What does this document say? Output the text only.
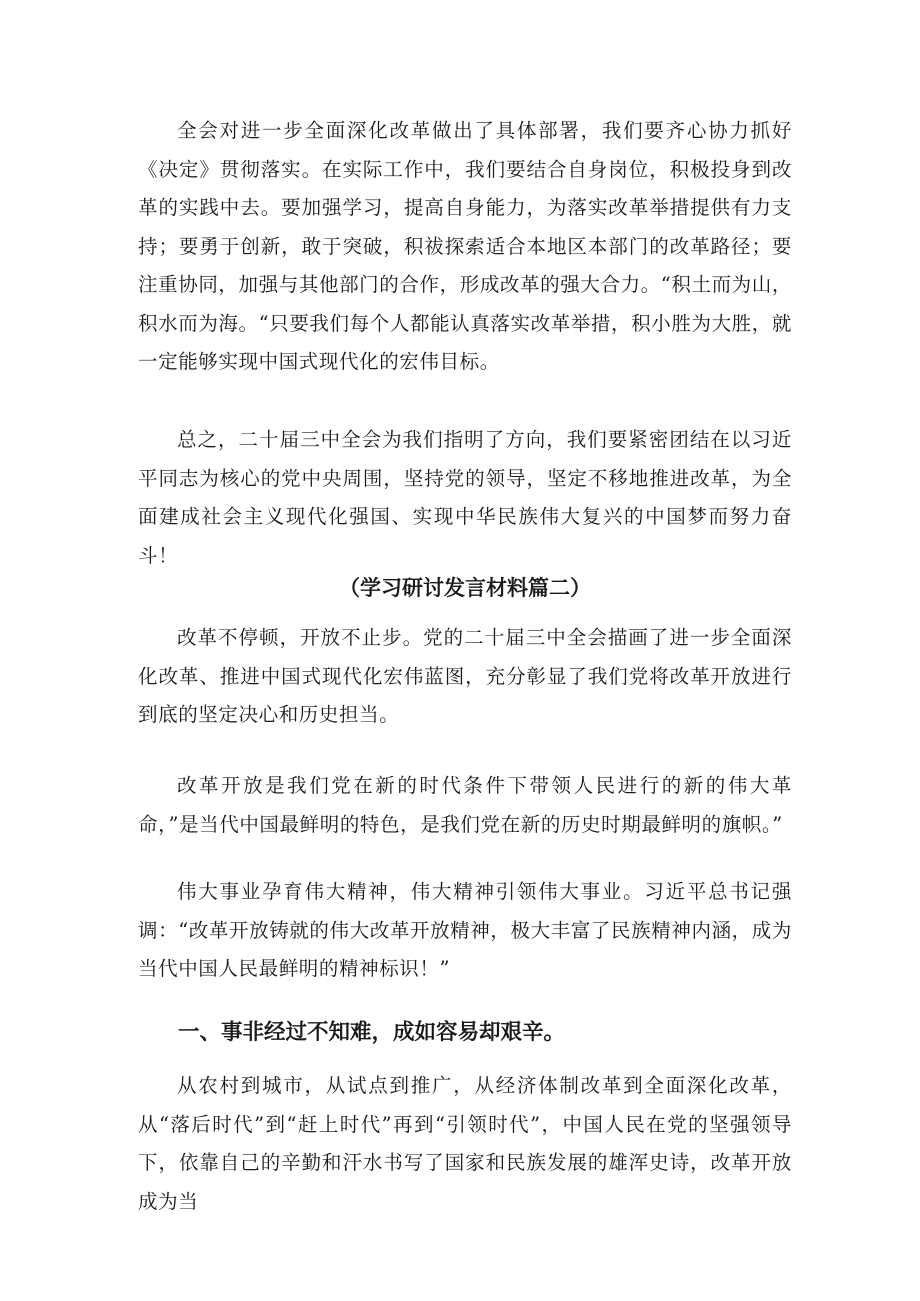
全会对进一步全面深化改革做出了具体部署，我们要齐心协力抓好《决定》贯彻落实。在实际工作中，我们要结合自身岗位，积极投身到改革的实践中去。要加强学习，提高自身能力，为落实改革举措提供有力支持；要勇于创新，敢于突破，积祓探索适合本地区本部门的改革路径；要注重协同，加强与其他部门的合作，形成改革的强大合力。“积土而为山，积水而为海。“只要我们每个人都能认真落实改革举措，积小胜为大胜，就一定能够实现中国式现代化的宏伟目标。

总之，二十届三中全会为我们指明了方向，我们要紧密团结在以习近平同志为核心的党中央周围，坚持党的领导，坚定不移地推进改革，为全面建成社会主义现代化强国、实现中华民族伟大复兴的中国梦而努力奋斗！

（学习研讨发言材料篇二）

改革不停顿，开放不止步。党的二十届三中全会描画了进一步全面深化改革、推进中国式现代化宏伟蓝图，充分彰显了我们党将改革开放进行到底的坚定决心和历史担当。

改革开放是我们党在新的时代条件下带领人民进行的新的伟大革命，”是当代中国最鲜明的特色，是我们党在新的历史时期最鲜明的旗帜。”

伟大事业孕育伟大精神，伟大精神引领伟大事业。习近平总书记强调：“改革开放铸就的伟大改革开放精神，极大丰富了民族精神内涵，成为当代中国人民最鲜明的精神标识！”

一、事非经过不知难，成如容易却艰辛。

从农村到城市，从试点到推广，从经济体制改革到全面深化改革，从“落后时代”到“赶上时代”再到“引领时代”，中国人民在党的坚强领导下，依靠自己的辛勤和汗水书写了国家和民族发展的雄浑史诗，改革开放成为当
